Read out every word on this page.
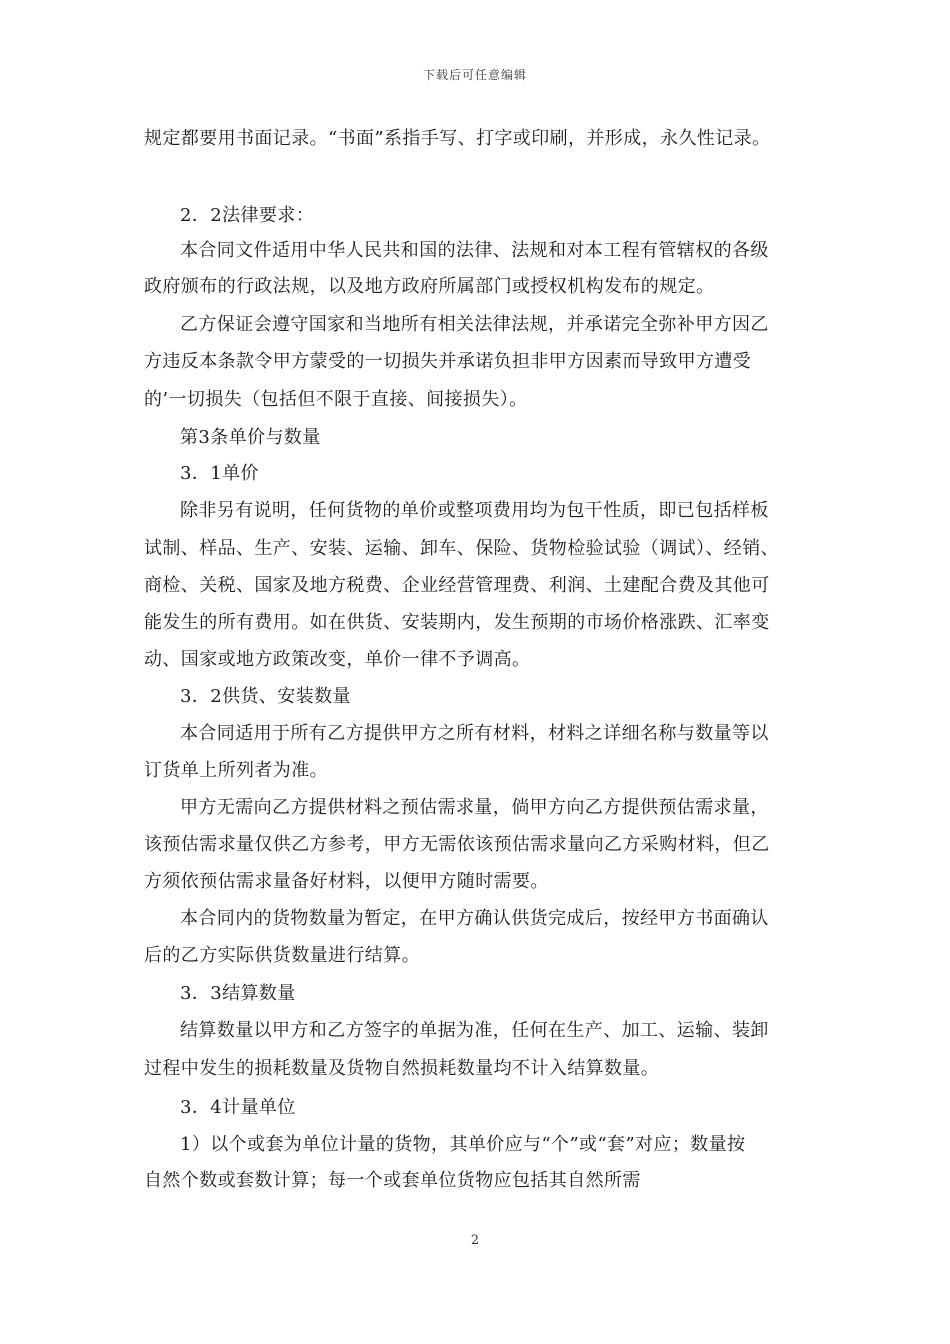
下载后可任意编辑
规定都要用书面记录。“书面”系指手写、打字或印刷，并形成，永久性记录。
2．2法律要求：
本合同文件适用中华人民共和国的法律、法规和对本工程有管辖权的各级
政府颁布的行政法规，以及地方政府所属部门或授权机构发布的规定。
乙方保证会遵守国家和当地所有相关法律法规，并承诺完全弥补甲方因乙
方违反本条款令甲方蒙受的一切损失并承诺负担非甲方因素而导致甲方遭受
的’一切损失（包括但不限于直接、间接损失）。
第3条单价与数量
3．1单价
除非另有说明，任何货物的单价或整项费用均为包干性质，即已包括样板
试制、样品、生产、安装、运输、卸车、保险、货物检验试验（调试）、经销、
商检、关税、国家及地方税费、企业经营管理费、利润、土建配合费及其他可
能发生的所有费用。如在供货、安装期内，发生预期的市场价格涨跌、汇率变
动、国家或地方政策改变，单价一律不予调高。
3．2供货、安装数量
本合同适用于所有乙方提供甲方之所有材料，材料之详细名称与数量等以
订货单上所列者为准。
甲方无需向乙方提供材料之预估需求量，倘甲方向乙方提供预估需求量，
该预估需求量仅供乙方参考，甲方无需依该预估需求量向乙方采购材料，但乙
方须依预估需求量备好材料，以便甲方随时需要。
本合同内的货物数量为暂定，在甲方确认供货完成后，按经甲方书面确认
后的乙方实际供货数量进行结算。
3．3结算数量
结算数量以甲方和乙方签字的单据为准，任何在生产、加工、运输、装卸
过程中发生的损耗数量及货物自然损耗数量均不计入结算数量。
3．4计量单位
1）以个或套为单位计量的货物，其单价应与“个”或“套”对应；数量按
自然个数或套数计算；每一个或套单位货物应包括其自然所需
2
